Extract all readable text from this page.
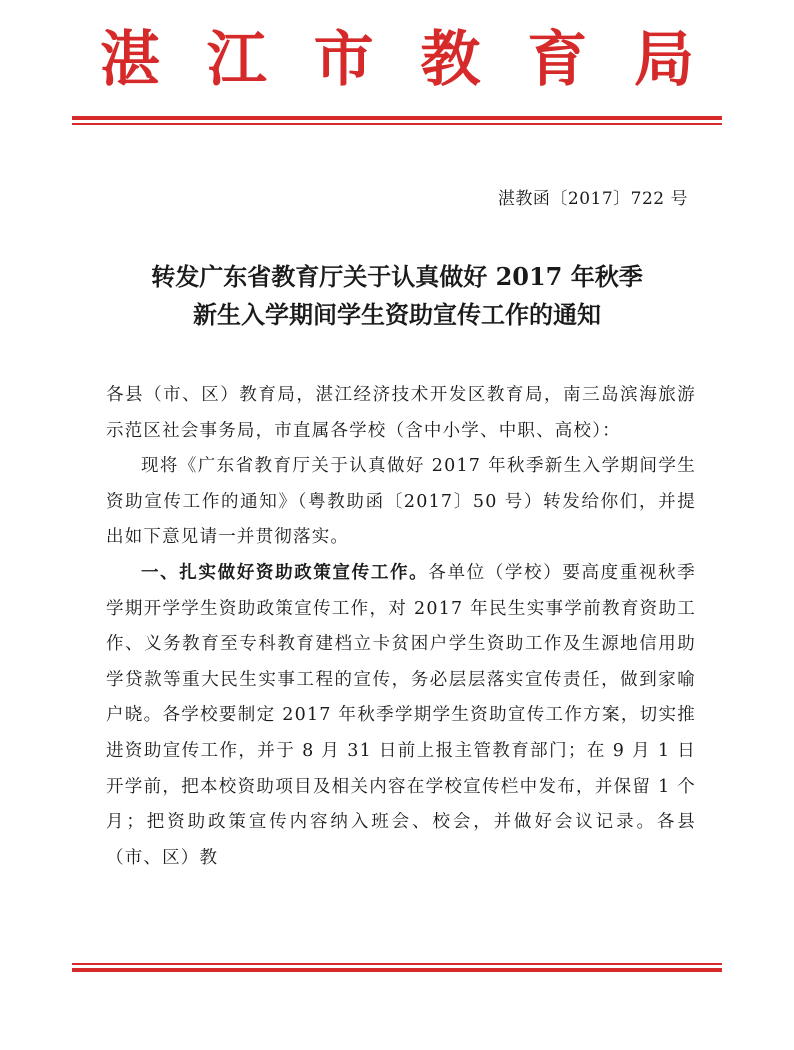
湛 江 市 教 育 局
湛教函〔2017〕722 号
转发广东省教育厅关于认真做好 2017 年秋季
新生入学期间学生资助宣传工作的通知

各县（市、区）教育局，湛江经济技术开发区教育局，南三岛滨海旅游示范区社会事务局，市直属各学校（含中小学、中职、高校）：

现将《广东省教育厅关于认真做好 2017 年秋季新生入学期间学生资助宣传工作的通知》（粤教助函〔2017〕50 号）转发给你们，并提出如下意见请一并贯彻落实。

一、扎实做好资助政策宣传工作。各单位（学校）要高度重视秋季学期开学学生资助政策宣传工作，对 2017 年民生实事学前教育资助工作、义务教育至专科教育建档立卡贫困户学生资助工作及生源地信用助学贷款等重大民生实事工程的宣传，务必层层落实宣传责任，做到家喻户晓。各学校要制定 2017 年秋季学期学生资助宣传工作方案，切实推进资助宣传工作，并于 8 月 31 日前上报主管教育部门；在 9 月 1 日开学前，把本校资助项目及相关内容在学校宣传栏中发布，并保留 1 个月；把资助政策宣传内容纳入班会、校会，并做好会议记录。各县（市、区）教
